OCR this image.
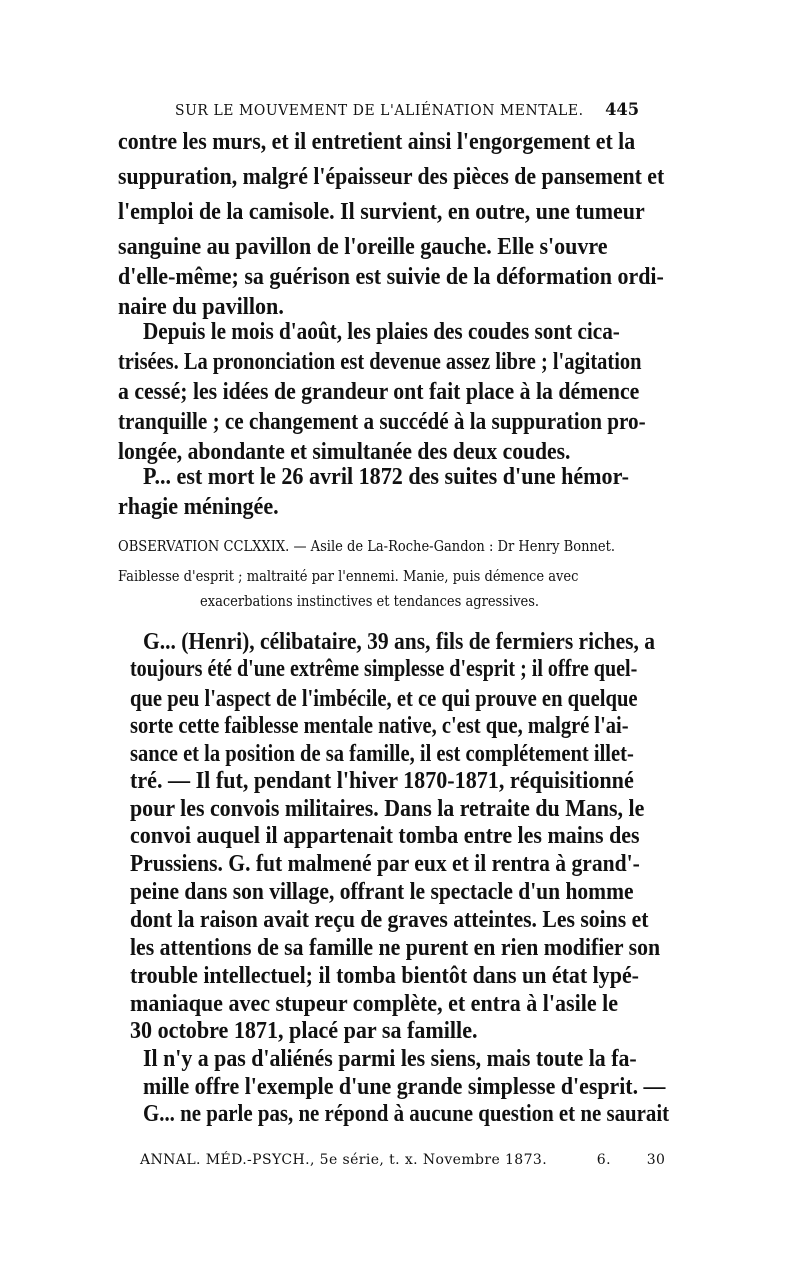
SUR LE MOUVEMENT DE L'ALIÉNATION MENTALE. 445
contre les murs, et il entretient ainsi l'engorgement et la
suppuration, malgré l'épaisseur des pièces de pansement et
l'emploi de la camisole. Il survient, en outre, une tumeur
sanguine au pavillon de l'oreille gauche. Elle s'ouvre
d'elle-même; sa guérison est suivie de la déformation ordi-
naire du pavillon.
Depuis le mois d'août, les plaies des coudes sont cica-
trisées. La prononciation est devenue assez libre ; l'agitation
a cessé; les idées de grandeur ont fait place à la démence
tranquille ; ce changement a succédé à la suppuration pro-
longée, abondante et simultanée des deux coudes.
P... est mort le 26 avril 1872 des suites d'une hémor-
rhagie méningée.
OBSERVATION CCLXXIX. — Asile de La-Roche-Gandon : Dr Henry Bonnet.
Faiblesse d'esprit ; maltraité par l'ennemi. Manie, puis démence avec
exacerbations instinctives et tendances agressives.
G... (Henri), célibataire, 39 ans, fils de fermiers riches, a
toujours été d'une extrême simplesse d'esprit ; il offre quel-
que peu l'aspect de l'imbécile, et ce qui prouve en quelque
sorte cette faiblesse mentale native, c'est que, malgré l'ai-
sance et la position de sa famille, il est complétement illet-
tré. — Il fut, pendant l'hiver 1870-1871, réquisitionné
pour les convois militaires. Dans la retraite du Mans, le
convoi auquel il appartenait tomba entre les mains des
Prussiens. G. fut malmené par eux et il rentra à grand'-
peine dans son village, offrant le spectacle d'un homme
dont la raison avait reçu de graves atteintes. Les soins et
les attentions de sa famille ne purent en rien modifier son
trouble intellectuel; il tomba bientôt dans un état lypé-
maniaque avec stupeur complète, et entra à l'asile le
30 octobre 1871, placé par sa famille.
Il n'y a pas d'aliénés parmi les siens, mais toute la fa-
mille offre l'exemple d'une grande simplesse d'esprit. —
G... ne parle pas, ne répond à aucune question et ne saurait
ANNAL. MÉD.-PSYCH., 5e série, t. x. Novembre 1873.	6.	30
